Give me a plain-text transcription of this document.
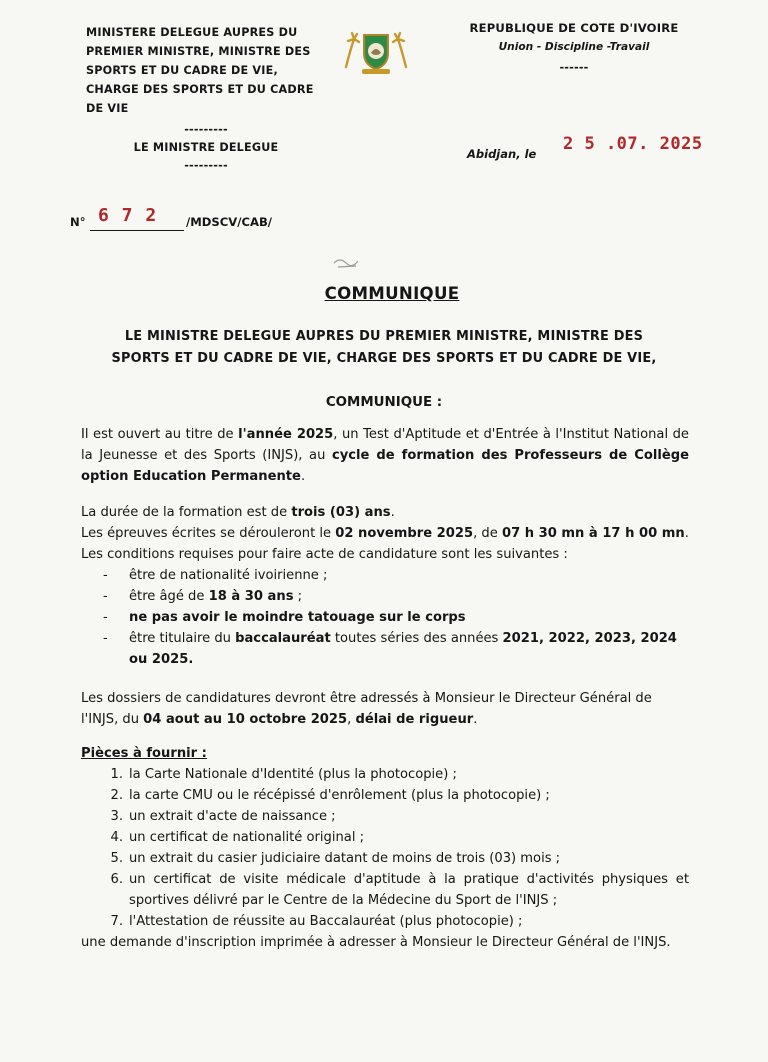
MINISTERE DELEGUE AUPRES DU
PREMIER MINISTRE, MINISTRE DES
SPORTS ET DU CADRE DE VIE,
CHARGE DES SPORTS ET DU CADRE
DE VIE
---------
LE MINISTRE DELEGUE
---------
REPUBLIQUE DE COTE D'IVOIRE
Union - Discipline -Travail
------
Abidjan, le 2 5 .07. 2025
N° 6 7 2 /MDSCV/CAB/
COMMUNIQUE
LE MINISTRE DELEGUE AUPRES DU PREMIER MINISTRE, MINISTRE DES
SPORTS ET DU CADRE DE VIE, CHARGE DES SPORTS ET DU CADRE DE VIE,
COMMUNIQUE :

Il est ouvert au titre de l'année 2025, un Test d'Aptitude et d'Entrée à l'Institut National de la Jeunesse et des Sports (INJS), au cycle de formation des Professeurs de Collège option Education Permanente.

La durée de la formation est de trois (03) ans.

Les épreuves écrites se dérouleront le 02 novembre 2025, de 07 h 30 mn à 17 h 00 mn.

Les conditions requises pour faire acte de candidature sont les suivantes :

- être de nationalité ivoirienne ;
- être âgé de 18 à 30 ans ;
- ne pas avoir le moindre tatouage sur le corps
- être titulaire du baccalauréat toutes séries des années 2021, 2022, 2023, 2024 ou 2025.

Les dossiers de candidatures devront être adressés à Monsieur le Directeur Général de l'INJS, du 04 aout au 10 octobre 2025, délai de rigueur.

Pièces à fournir :

1. la Carte Nationale d'Identité (plus la photocopie) ;
2. la carte CMU ou le récépissé d'enrôlement (plus la photocopie) ;
3. un extrait d'acte de naissance ;
4. un certificat de nationalité original ;
5. un extrait du casier judiciaire datant de moins de trois (03) mois ;
6. un certificat de visite médicale d'aptitude à la pratique d'activités physiques et sportives délivré par le Centre de la Médecine du Sport de l'INJS ;
7. l'Attestation de réussite au Baccalauréat (plus photocopie) ;

une demande d'inscription imprimée à adresser à Monsieur le Directeur Général de l'INJS.
